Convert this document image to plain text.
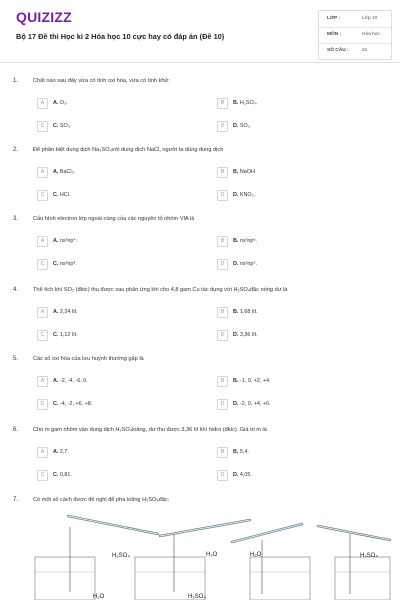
QUIZIZZ
Bộ 17 Đề thi Học kì 2 Hóa học 10 cực hay có đáp án (Đề 10)
LỚP :	Lớp 10
MÔN :	Hóa học
SỐ CÂU :	21
1.	Chất nào sau đây vừa có tính oxi hóa, vừa có tính khử:
A	A. O₃.	B	B. H₂SO₄.
C	C. SO₃.	D	D. SO₂.
2.	Để phân biệt dung dịch Na₂SO₄với dung dịch NaCl, người ta dùng dung dịch
A	A. BaCl₂.	B	B. NaOH
C	C. HCl.	D	D. KNO₃.
3.	Cấu hình electron lớp ngoài cùng của các nguyên tố nhóm VIA là
A	A. ns²np⁴.	B	B. ns²np⁶.
C	C. ns²np³.	D	D. ns²np⁵.
4.	Thể tích khí SO₂ (đktc) thu được sau phản ứng khi cho 4,8 gam Cu tác dụng với H₂SO₄đặc nóng dư là
A	A. 2,24 lít.	B	B. 1,68 lít.
C	C. 1,12 lít.	D	D. 3,36 lít.
5.	Các số oxi hóa của lưu huỳnh thường gặp là
A	A. -2, -4, -6, 0.	B	B. -1, 0, +2, +4.
C	C. -4, -2, +6, +8.	D	D. -2, 0, +4, +6.
6.	Cho m gam nhôm vào dung dịch H₂SO₄loãng, dư thu được 3,36 lít khí hiđro (đktc). Giá trị m là
A	A. 2,7.	B	B. 5,4.
C	C. 0,81.	D	D. 4,05.
7.	Có một số cách được đề nghị để pha loãng H₂SO₄đặc:
H₂SO₄
H₂O
H₂O
H₂SO₄
H₂O	H₂SO₄
